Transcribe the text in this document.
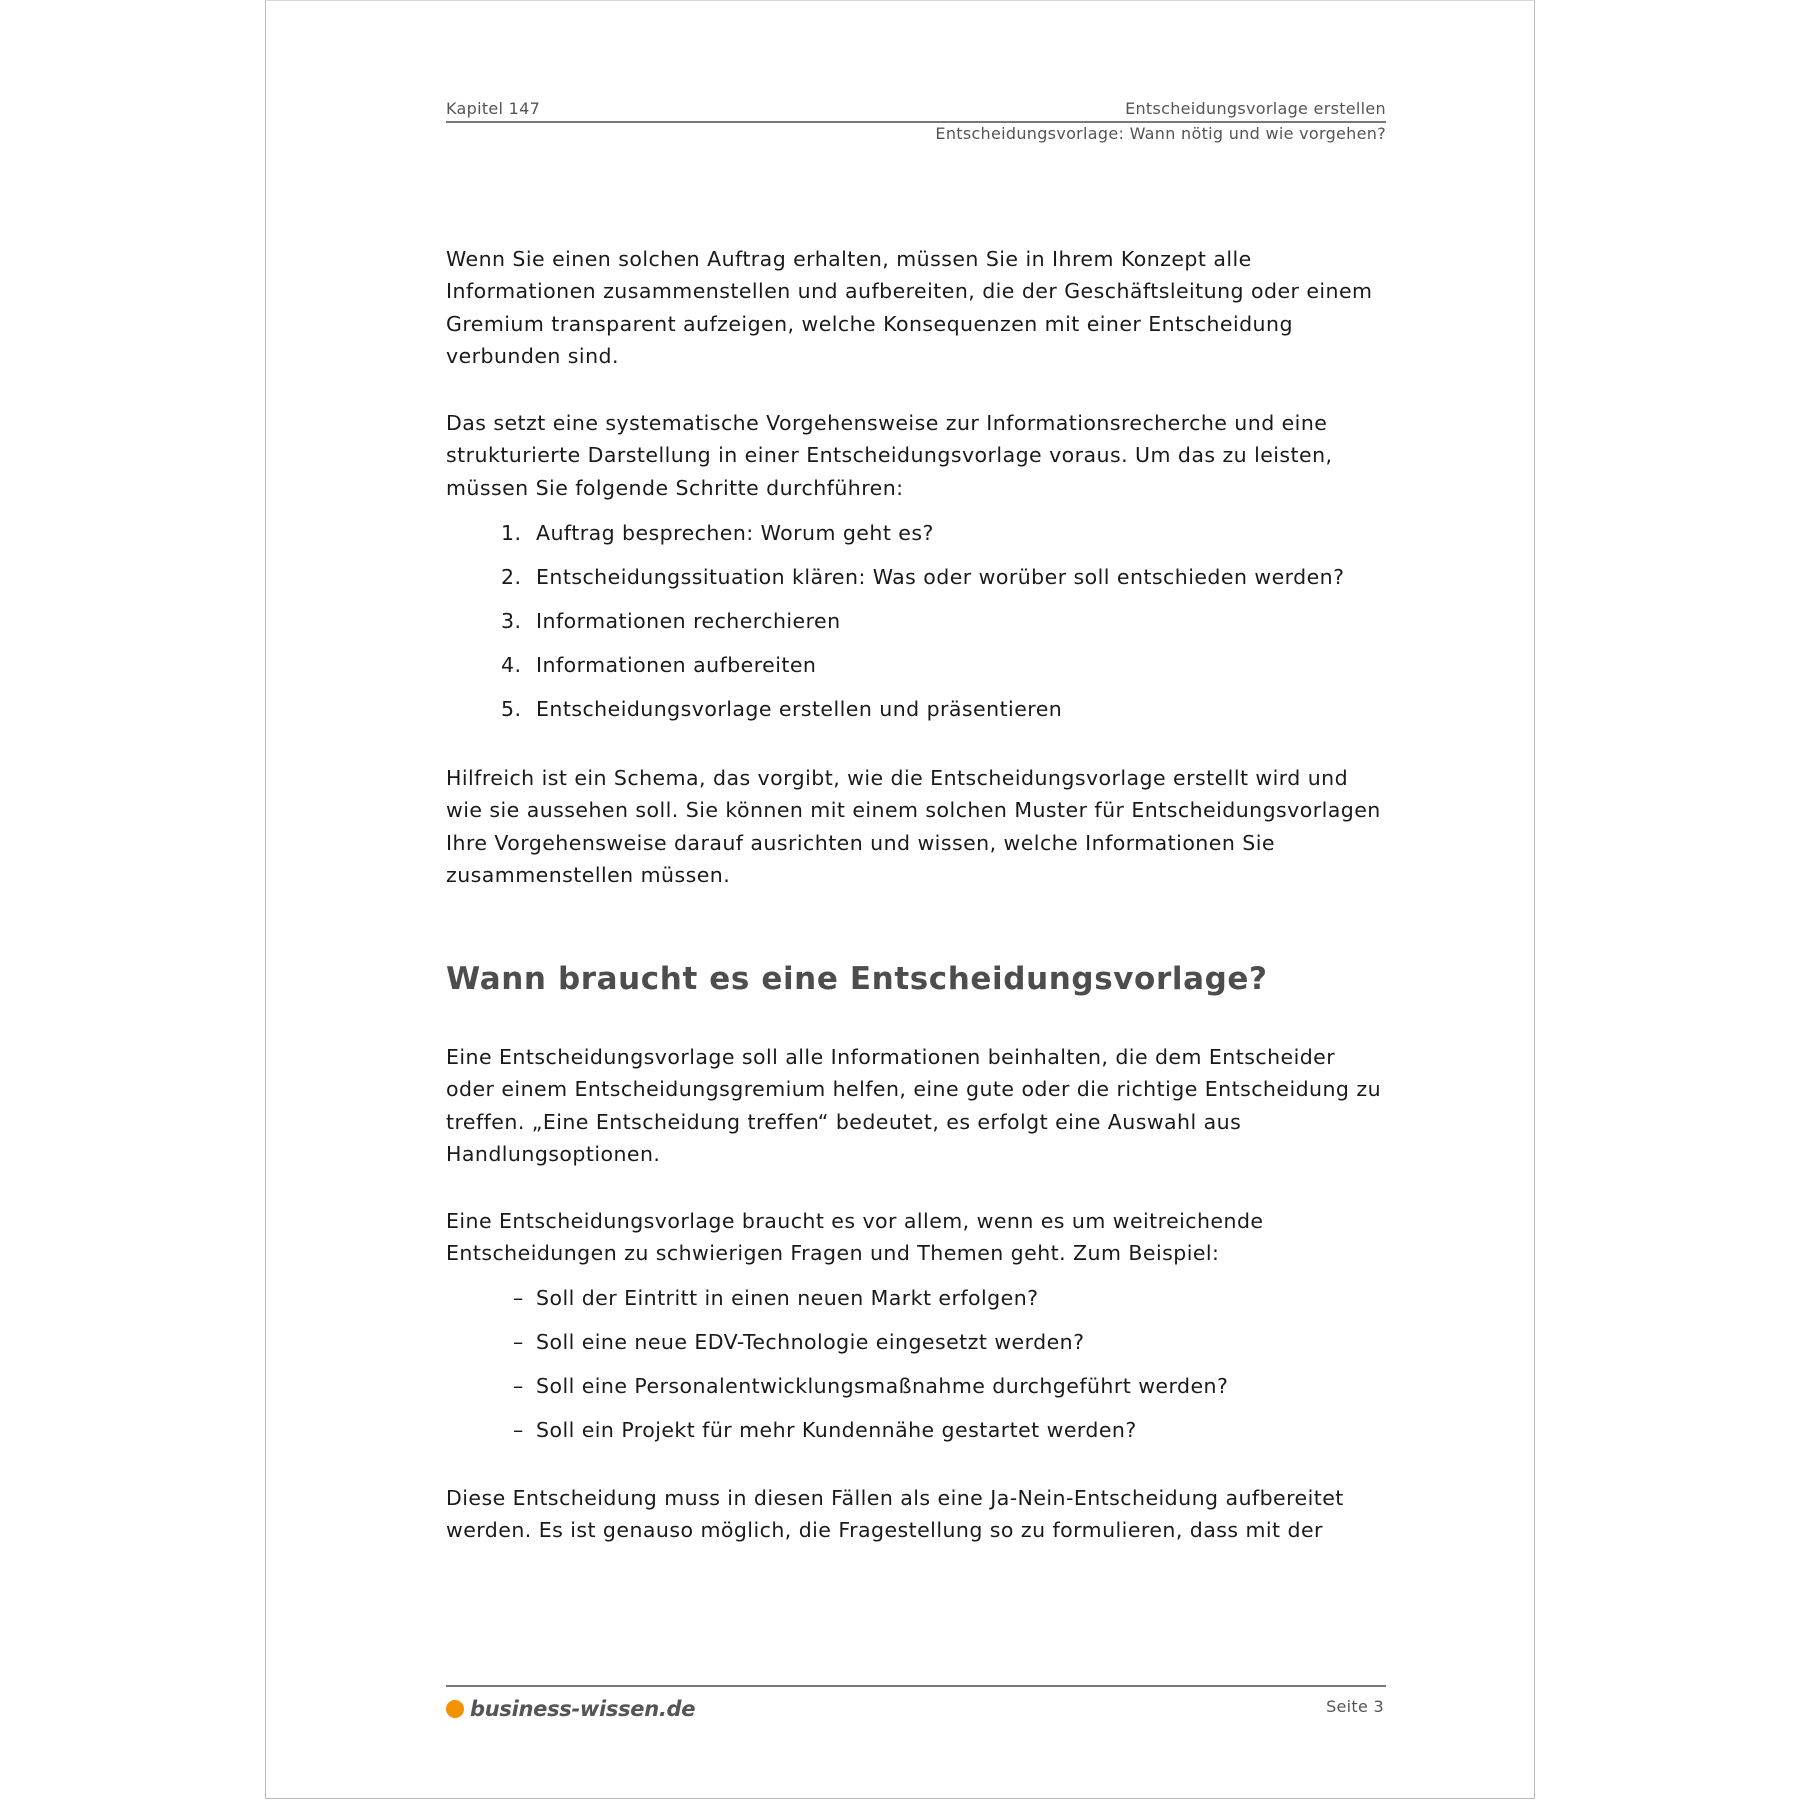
Kapitel 147	Entscheidungsvorlage erstellen
Entscheidungsvorlage: Wann nötig und wie vorgehen?

Wenn Sie einen solchen Auftrag erhalten, müssen Sie in Ihrem Konzept alle
Informationen zusammenstellen und aufbereiten, die der Geschäftsleitung oder einem
Gremium transparent aufzeigen, welche Konsequenzen mit einer Entscheidung
verbunden sind.

Das setzt eine systematische Vorgehensweise zur Informationsrecherche und eine
strukturierte Darstellung in einer Entscheidungsvorlage voraus. Um das zu leisten,
müssen Sie folgende Schritte durchführen:

1. Auftrag besprechen: Worum geht es?
2. Entscheidungssituation klären: Was oder worüber soll entschieden werden?
3. Informationen recherchieren
4. Informationen aufbereiten
5. Entscheidungsvorlage erstellen und präsentieren

Hilfreich ist ein Schema, das vorgibt, wie die Entscheidungsvorlage erstellt wird und
wie sie aussehen soll. Sie können mit einem solchen Muster für Entscheidungsvorlagen
Ihre Vorgehensweise darauf ausrichten und wissen, welche Informationen Sie
zusammenstellen müssen.

Wann braucht es eine Entscheidungsvorlage?

Eine Entscheidungsvorlage soll alle Informationen beinhalten, die dem Entscheider
oder einem Entscheidungsgremium helfen, eine gute oder die richtige Entscheidung zu
treffen. „Eine Entscheidung treffen“ bedeutet, es erfolgt eine Auswahl aus
Handlungsoptionen.

Eine Entscheidungsvorlage braucht es vor allem, wenn es um weitreichende
Entscheidungen zu schwierigen Fragen und Themen geht. Zum Beispiel:

– Soll der Eintritt in einen neuen Markt erfolgen?
– Soll eine neue EDV-Technologie eingesetzt werden?
– Soll eine Personalentwicklungsmaßnahme durchgeführt werden?
– Soll ein Projekt für mehr Kundennähe gestartet werden?

Diese Entscheidung muss in diesen Fällen als eine Ja-Nein-Entscheidung aufbereitet
werden. Es ist genauso möglich, die Fragestellung so zu formulieren, dass mit der

business-wissen.de	Seite 3
